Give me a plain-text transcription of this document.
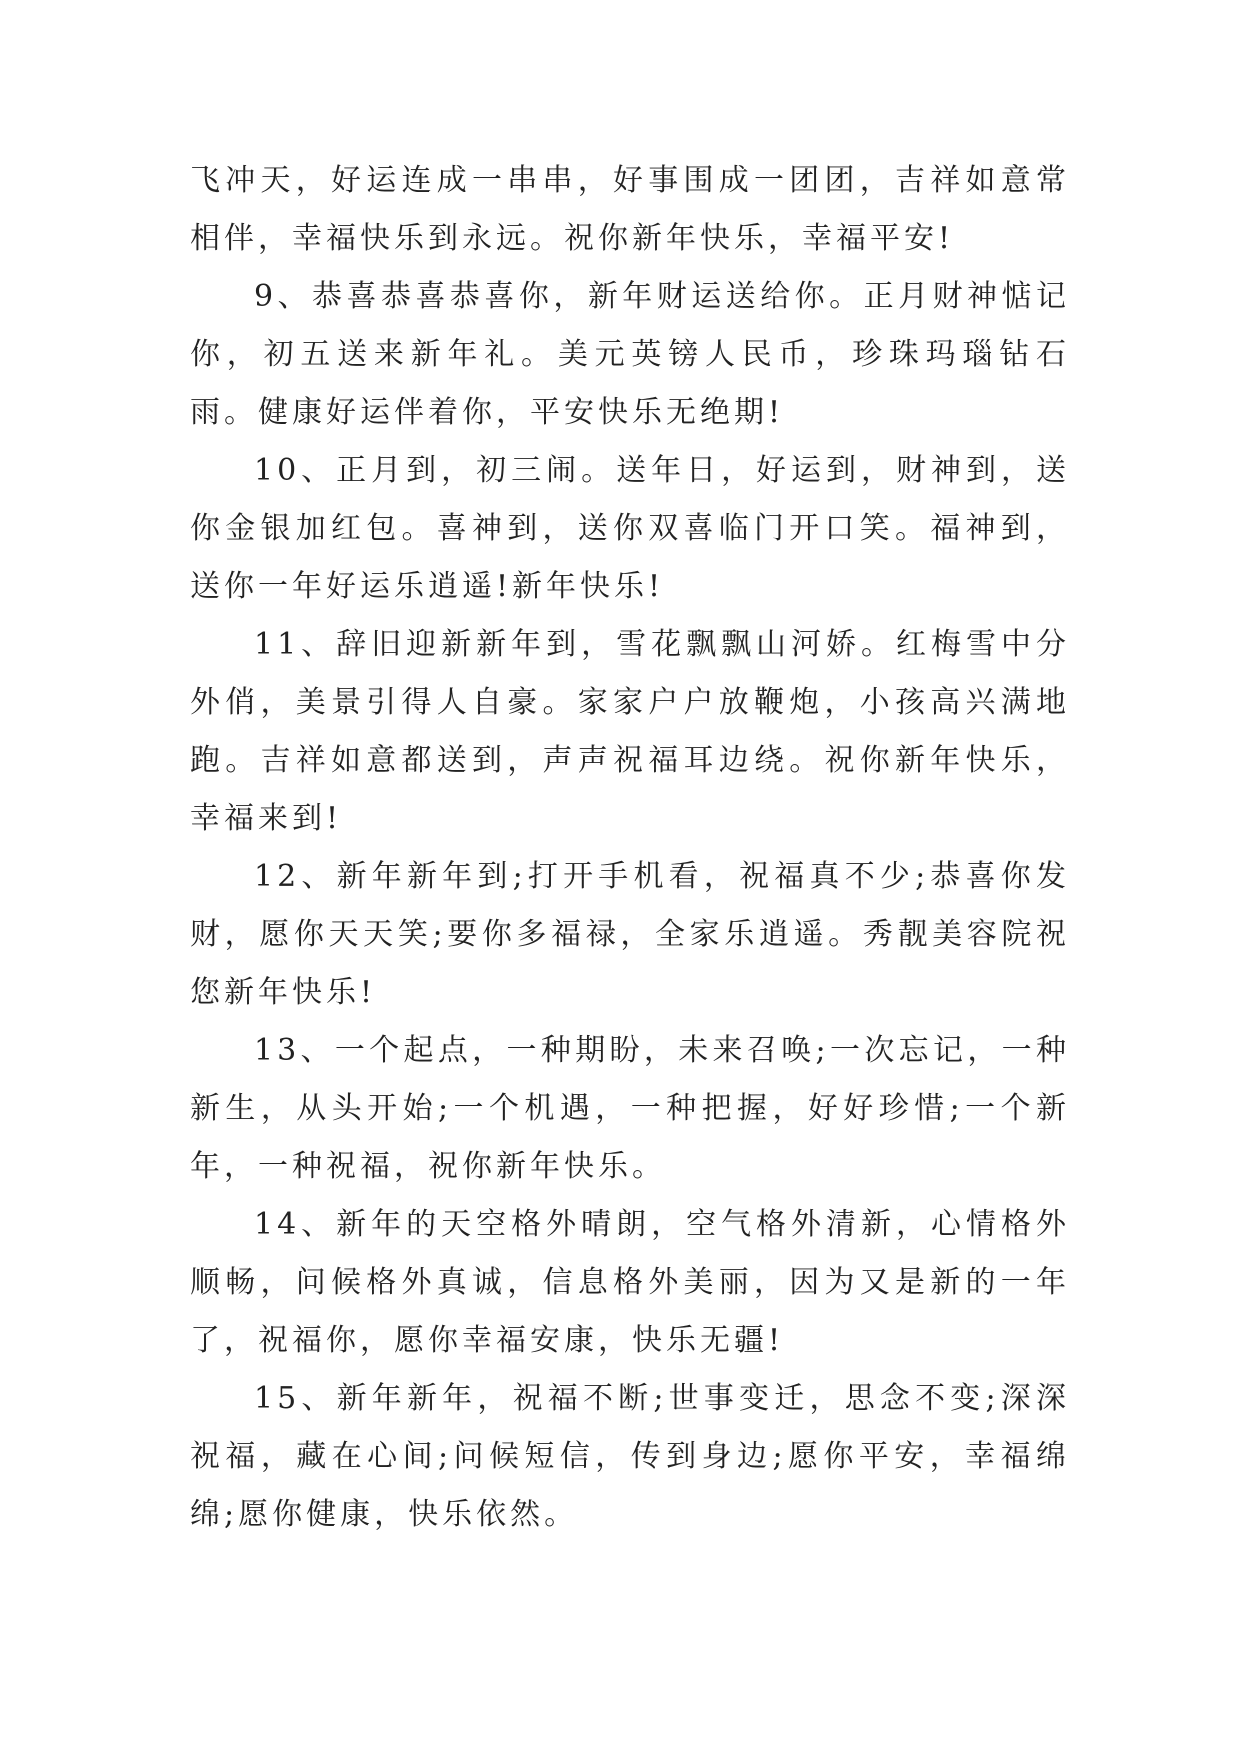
飞冲天，好运连成一串串，好事围成一团团，吉祥如意常相伴，幸福快乐到永远。祝你新年快乐，幸福平安!

9、恭喜恭喜恭喜你，新年财运送给你。正月财神惦记你，初五送来新年礼。美元英镑人民币，珍珠玛瑙钻石雨。健康好运伴着你，平安快乐无绝期!

10、正月到，初三闹。送年日，好运到，财神到，送你金银加红包。喜神到，送你双喜临门开口笑。福神到，送你一年好运乐逍遥!新年快乐!

11、辞旧迎新新年到，雪花飘飘山河娇。红梅雪中分外俏，美景引得人自豪。家家户户放鞭炮，小孩高兴满地跑。吉祥如意都送到，声声祝福耳边绕。祝你新年快乐，幸福来到!

12、新年新年到;打开手机看，祝福真不少;恭喜你发财，愿你天天笑;要你多福禄，全家乐逍遥。秀靓美容院祝您新年快乐!

13、一个起点，一种期盼，未来召唤;一次忘记，一种新生，从头开始;一个机遇，一种把握，好好珍惜;一个新年，一种祝福，祝你新年快乐。

14、新年的天空格外晴朗，空气格外清新，心情格外顺畅，问候格外真诚，信息格外美丽，因为又是新的一年了，祝福你，愿你幸福安康，快乐无疆!

15、新年新年，祝福不断;世事变迁，思念不变;深深祝福，藏在心间;问候短信，传到身边;愿你平安，幸福绵绵;愿你健康，快乐依然。
